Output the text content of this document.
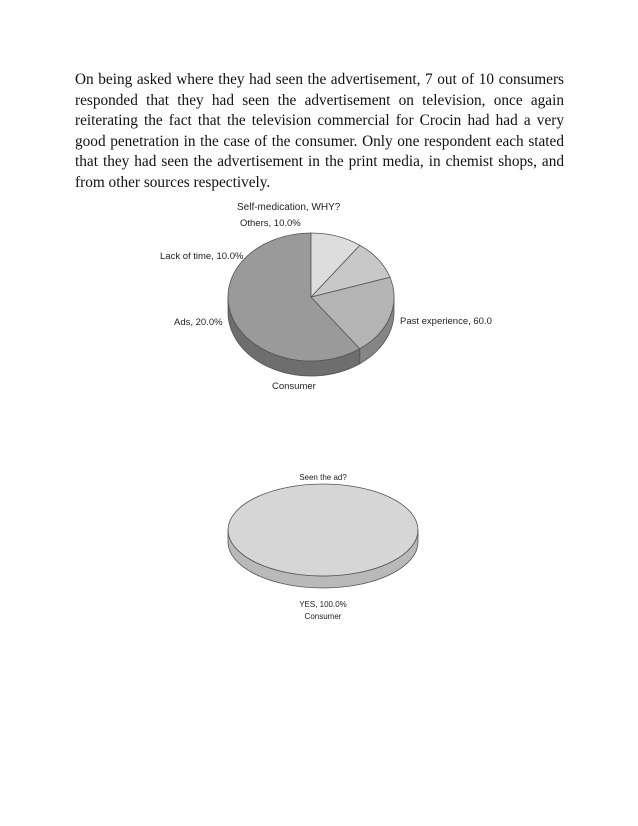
On being asked where they had seen the advertisement, 7 out of 10 consumers responded that they had seen the advertisement on television, once again reiterating the fact that the television commercial for Crocin had had a very good penetration in the case of the consumer. Only one respondent each stated that they had seen the advertisement in the print media, in chemist shops, and from other sources respectively.

Self-medication, WHY?
Others, 10.0%
Lack of time, 10.0%
Ads, 20.0%	Past experience, 60.0
Consumer
Seen the ad?
YES, 100.0%
Consumer
